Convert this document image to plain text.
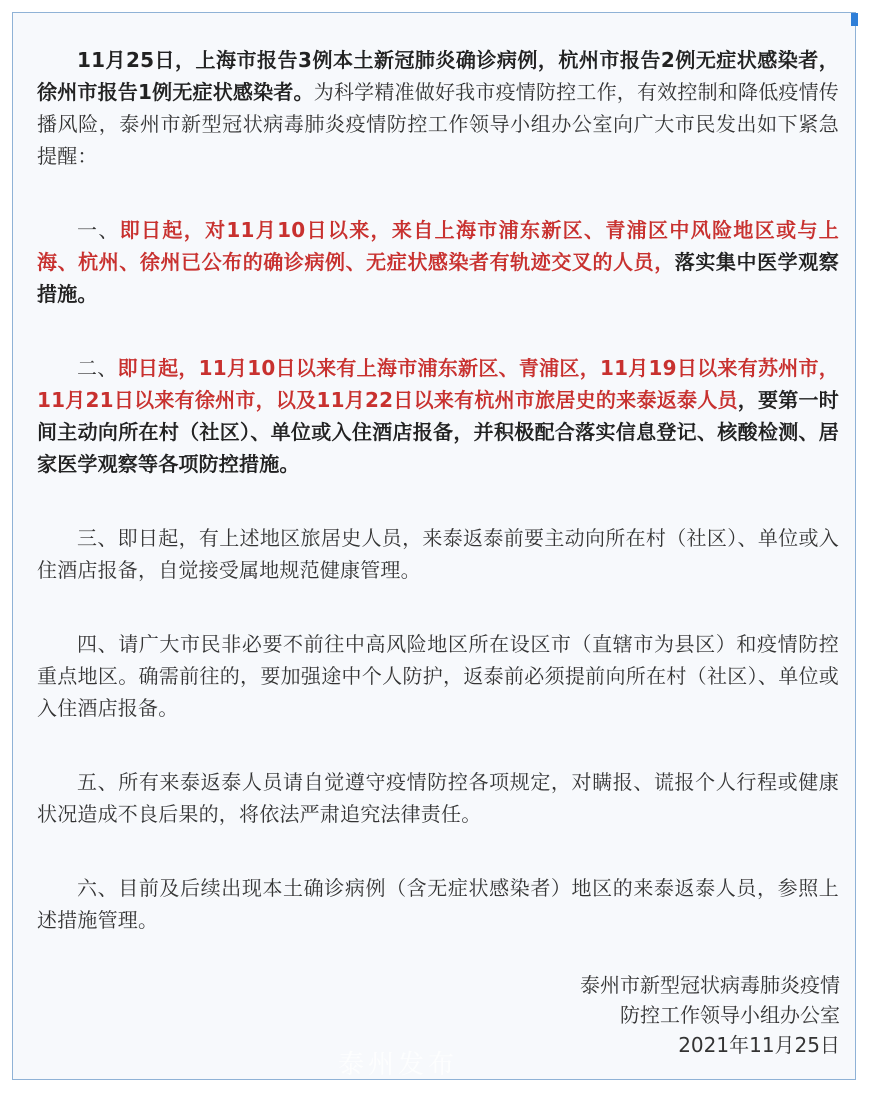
11月25日，上海市报告3例本土新冠肺炎确诊病例，杭州市报告2例无症状感染者，徐州市报告1例无症状感染者。为科学精准做好我市疫情防控工作，有效控制和降低疫情传播风险，泰州市新型冠状病毒肺炎疫情防控工作领导小组办公室向广大市民发出如下紧急提醒：

一、即日起，对11月10日以来，来自上海市浦东新区、青浦区中风险地区或与上海、杭州、徐州已公布的确诊病例、无症状感染者有轨迹交叉的人员，落实集中医学观察措施。

二、即日起，11月10日以来有上海市浦东新区、青浦区，11月19日以来有苏州市，11月21日以来有徐州市，以及11月22日以来有杭州市旅居史的来泰返泰人员，要第一时间主动向所在村（社区）、单位或入住酒店报备，并积极配合落实信息登记、核酸检测、居家医学观察等各项防控措施。

三、即日起，有上述地区旅居史人员，来泰返泰前要主动向所在村（社区）、单位或入住酒店报备，自觉接受属地规范健康管理。

四、请广大市民非必要不前往中高风险地区所在设区市（直辖市为县区）和疫情防控重点地区。确需前往的，要加强途中个人防护，返泰前必须提前向所在村（社区）、单位或入住酒店报备。

五、所有来泰返泰人员请自觉遵守疫情防控各项规定，对瞒报、谎报个人行程或健康状况造成不良后果的，将依法严肃追究法律责任。

六、目前及后续出现本土确诊病例（含无症状感染者）地区的来泰返泰人员，参照上述措施管理。

泰州市新型冠状病毒肺炎疫情
防控工作领导小组办公室
2021年11月25日
泰州发布
